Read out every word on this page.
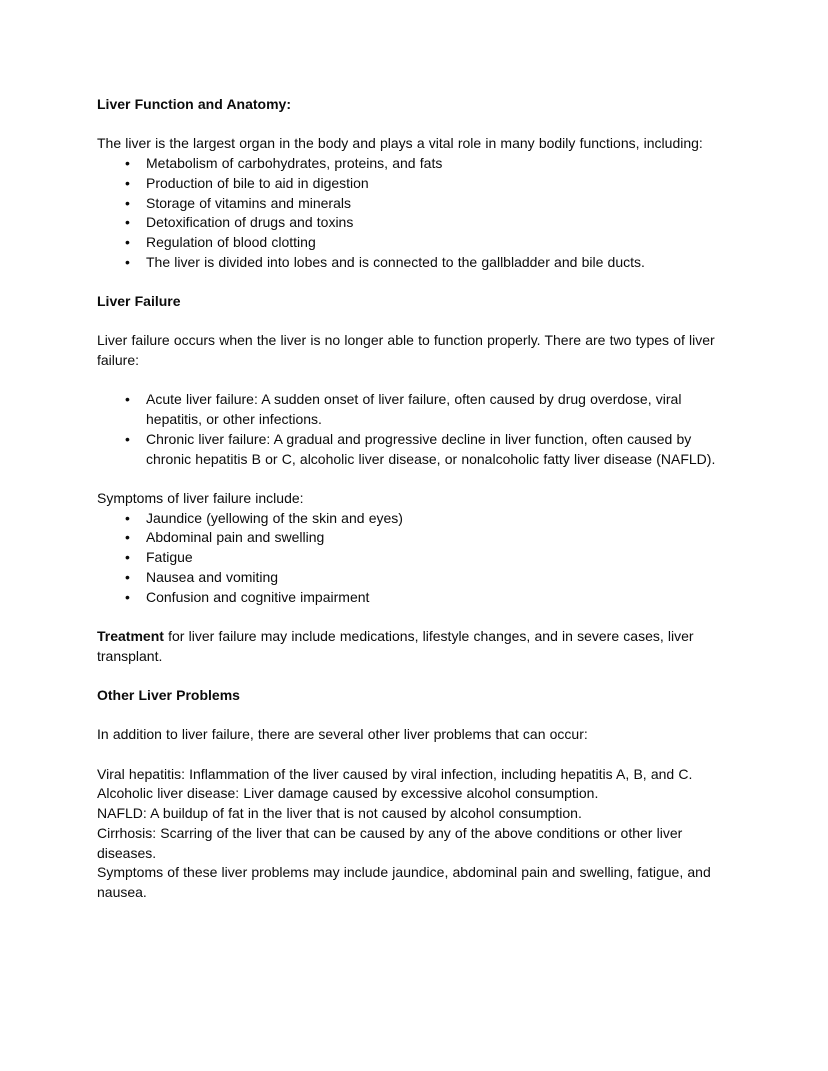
Liver Function and Anatomy:

The liver is the largest organ in the body and plays a vital role in many bodily functions, including:

• Metabolism of carbohydrates, proteins, and fats
• Production of bile to aid in digestion
• Storage of vitamins and minerals
• Detoxification of drugs and toxins
• Regulation of blood clotting
• The liver is divided into lobes and is connected to the gallbladder and bile ducts.
Liver Failure

Liver failure occurs when the liver is no longer able to function properly. There are two types of liver failure:

• Acute liver failure: A sudden onset of liver failure, often caused by drug overdose, viral hepatitis, or other infections.
• Chronic liver failure: A gradual and progressive decline in liver function, often caused by chronic hepatitis B or C, alcoholic liver disease, or nonalcoholic fatty liver disease (NAFLD).

Symptoms of liver failure include:

• Jaundice (yellowing of the skin and eyes)
• Abdominal pain and swelling
• Fatigue
• Nausea and vomiting
• Confusion and cognitive impairment

Treatment for liver failure may include medications, lifestyle changes, and in severe cases, liver transplant.

Other Liver Problems

In addition to liver failure, there are several other liver problems that can occur:

Viral hepatitis: Inflammation of the liver caused by viral infection, including hepatitis A, B, and C.

Alcoholic liver disease: Liver damage caused by excessive alcohol consumption.

NAFLD: A buildup of fat in the liver that is not caused by alcohol consumption.

Cirrhosis: Scarring of the liver that can be caused by any of the above conditions or other liver diseases.

Symptoms of these liver problems may include jaundice, abdominal pain and swelling, fatigue, and nausea.
